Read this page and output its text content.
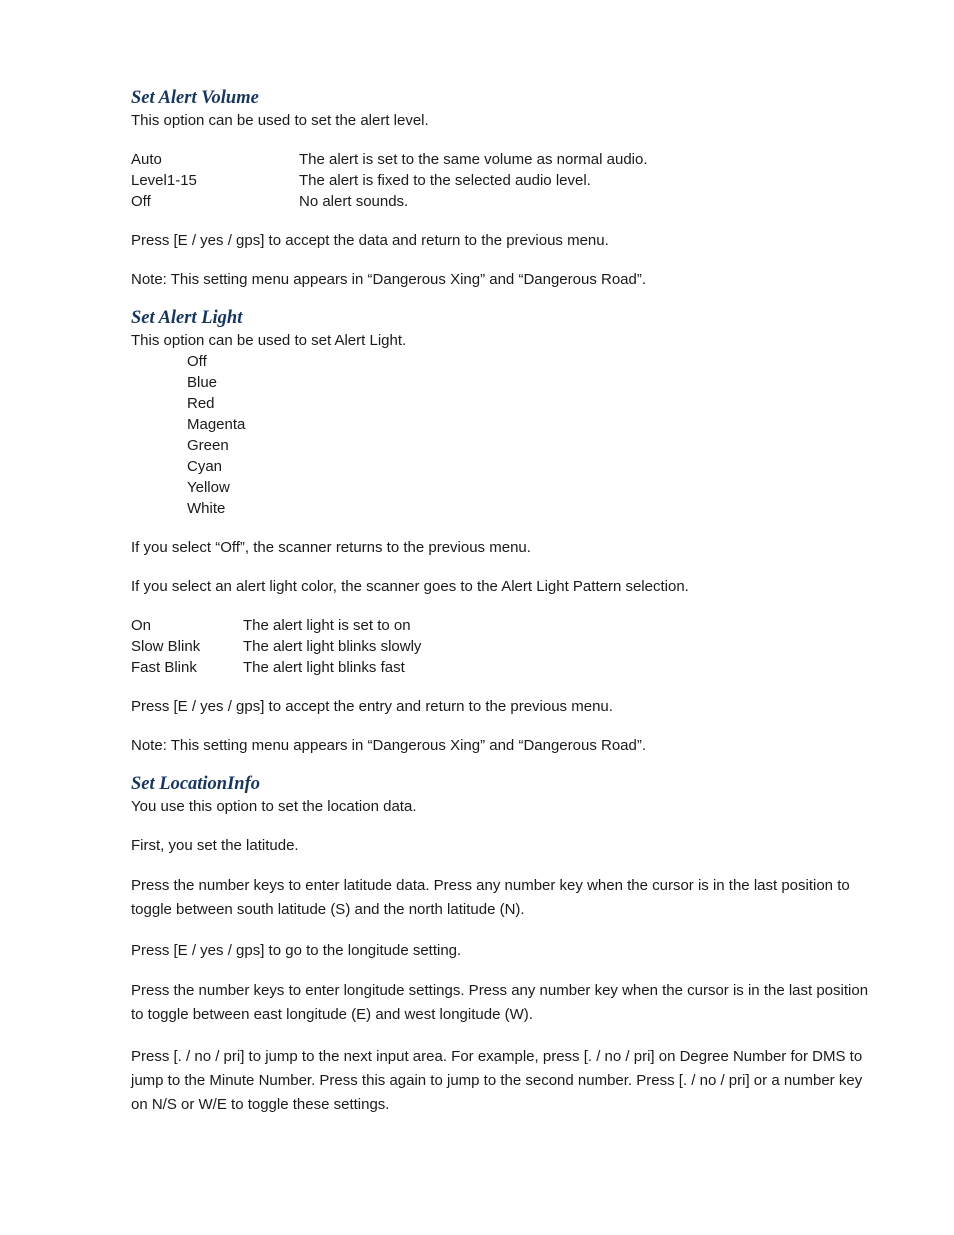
Set Alert Volume

This option can be used to set the alert level.

Auto	The alert is set to the same volume as normal audio.
Level1-15	The alert is fixed to the selected audio level.
Off	No alert sounds.

Press [E / yes / gps] to accept the data and return to the previous menu.

Note: This setting menu appears in “Dangerous Xing” and “Dangerous Road”.

Set Alert Light

This option can be used to set Alert Light.

Off
Blue
Red
Magenta
Green
Cyan
Yellow
White

If you select “Off”, the scanner returns to the previous menu.

If you select an alert light color, the scanner goes to the Alert Light Pattern selection.

On	The alert light is set to on
Slow Blink	The alert light blinks slowly
Fast Blink	The alert light blinks fast

Press [E / yes / gps] to accept the entry and return to the previous menu.

Note: This setting menu appears in “Dangerous Xing” and “Dangerous Road”.

Set LocationInfo

You use this option to set the location data.

First, you set the latitude.

Press the number keys to enter latitude data. Press any number key when the cursor is in the last position to toggle between south latitude (S) and the north latitude (N).

Press [E / yes / gps] to go to the longitude setting.

Press the number keys to enter longitude settings. Press any number key when the cursor is in the last position to toggle between east longitude (E) and west longitude (W).

Press [. / no / pri] to jump to the next input area. For example, press [. / no / pri] on Degree Number for DMS to jump to the Minute Number. Press this again to jump to the second number. Press [. / no / pri] or a number key on N/S or W/E to toggle these settings.
